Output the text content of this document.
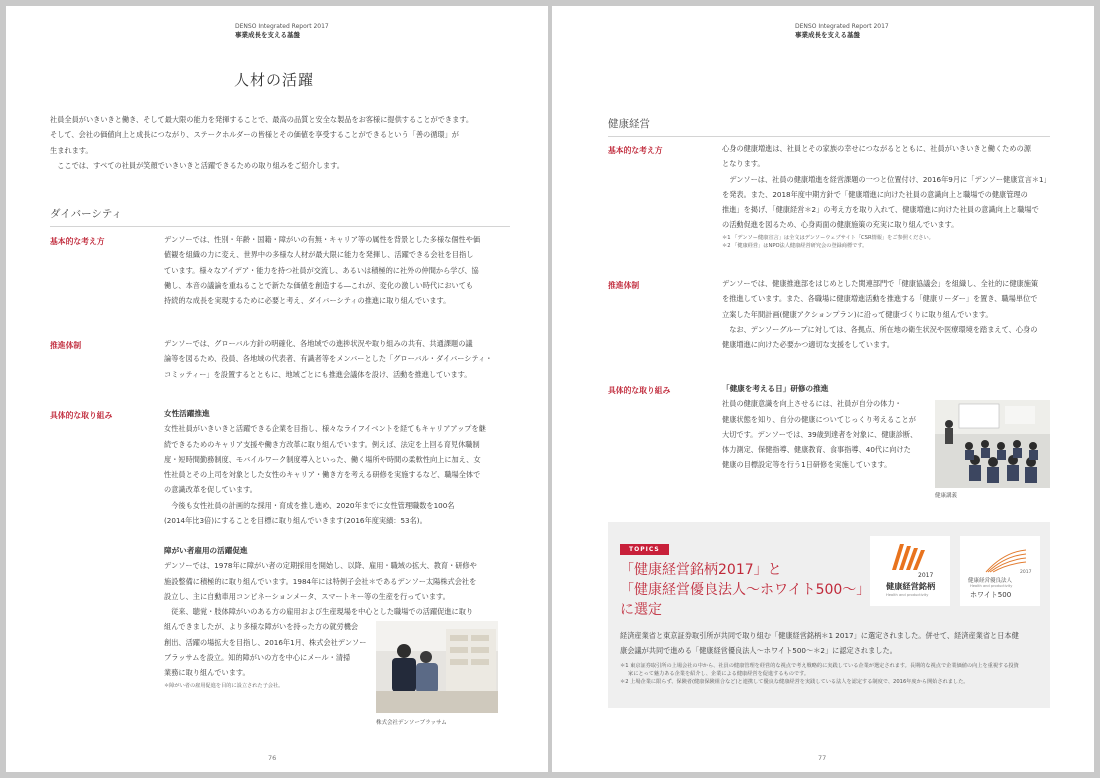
DENSO Integrated Report 2017
事業成長を支える基盤
人材の活躍

社員全員がいきいきと働き、そして最大限の能力を発揮することで、最高の品質と安全な製品をお客様に提供することができます。

そして、会社の価値向上と成長につながり、ステークホルダーの皆様とその価値を享受することができるという「善の循環」が

生まれます。

ここでは、すべての社員が笑顔でいきいきと活躍できるための取り組みをご紹介します。

ダイバーシティ
基本的な考え方	デンソーでは、性別・年齢・国籍・障がいの有無・キャリア等の属性を背景とした多様な個性や価

値観を組織の力に変え、世界中の多様な人材が最大限に能力を発揮し、活躍できる会社を目指し

ています。様々なアイデア・能力を持つ社員が交流し、あるいは積極的に社外の仲間から学び、協

働し、本音の議論を重ねることで新たな価値を創造する―これが、変化の激しい時代においても

持続的な成長を実現するために必要と考え、ダイバーシティの推進に取り組んでいます。

推進体制	デンソーでは、グローバル方針の明確化、各地域での進捗状況や取り組みの共有、共通課題の議

論等を図るため、役員、各地域の代表者、有識者等をメンバーとした「グローバル・ダイバーシティ・

コミッティー」を設置するとともに、地域ごとにも推進会議体を設け、活動を推進しています。

具体的な取り組み	女性活躍推進

女性社員がいきいきと活躍できる企業を目指し、様々なライフイベントを経てもキャリアアップを継

続できるためのキャリア支援や働き方改革に取り組んでいます。例えば、法定を上回る育児休職制

度・短時間勤務制度、モバイルワーク制度導入といった、働く場所や時間の柔軟性向上に加え、女

性社員とその上司を対象とした女性のキャリア・働き方を考える研修を実施するなど、職場全体で

の意識改革を促しています。

今後も女性社員の計画的な採用・育成を推し進め、2020年までに女性管理職数を100名

(2014年比3倍)にすることを目標に取り組んでいきます(2016年度実績：53名)。

障がい者雇用の活躍促進

デンソーでは、1978年に障がい者の定期採用を開始し、以降、雇用・職域の拡大、教育・研修や

施設整備に積極的に取り組んでいます。1984年には特例子会社＊であるデンソー太陽株式会社を

設立し、主に自動車用コンピネーションメータ、スマートキー等の生産を行っています。

従来、聴覚・肢体障がいのある方の雇用および生産現場を中心とした職場での活躍促進に取り

組んできましたが、より多様な障がいを持った方の就労機会

創出、活躍の場拡大を目指し、2016年1月、株式会社デンソー

ブラッサムを設立。知的障がいの方を中心にメール・清掃

業務に取り組んでいます。

＊障がい者の雇用促進を目的に設立された子会社。
株式会社デンソーブラッサム
76
DENSO Integrated Report 2017
事業成長を支える基盤
健康経営
基本的な考え方	心身の健康増進は、社員とその家族の幸せにつながるとともに、社員がいきいきと働くための源

となります。

デンソーは、社員の健康増進を経営課題の一つと位置付け、2016年9月に「デンソー健康宣言＊1」

を発表。また、2018年度中期方針で「健康増進に向けた社員の意識向上と職場での健康管理の

推進」を掲げ、「健康経営＊2」の考え方を取り入れて、健康増進に向けた社員の意識向上と職場で

の活動促進を図るため、心身両面の健康施策の充実に取り組んでいます。

＊1 「デンソー健康宣言」は全文はデンソーウェブサイト「CSR情報」をご参照ください。

＊2 「健康経営」はNPO法人健康経営研究会の登録商標です。

推進体制	デンソーでは、健康推進部をはじめとした関連部門で「健康協議会」を組織し、全社的に健康施策

を推進しています。また、各職場に健康増進活動を推進する「健康リーダー」を置き、職場単位で

立案した年間計画(健康アクションプラン)に沿って健康づくりに取り組んでいます。

なお、デンソーグループに対しては、各拠点、所在地の衛生状況や医療環境を踏まえて、心身の

健康増進に向けた必要かつ適切な支援をしています。

具体的な取り組み	「健康を考える日」研修の推進

社員の健康意識を向上させるには、社員が自分の体力・

健康状態を知り、自分の健康についてじっくり考えることが

大切です。デンソーでは、39歳到達者を対象に、健康診断、

体力測定、保健指導、健康教育、食事指導、40代に向けた

健康の目標設定等を行う1日研修を実施しています。

健康講義
TOPICS

「健康経営銘柄2017」と

「健康経営優良法人～ホワイト500～」

に選定

2017
健康経営銘柄
Health and productivity
健康経営優良法人
2017
Health and productivity
ホワイト500

経済産業省と東京証券取引所が共同で取り組む「健康経営銘柄＊1 2017」に選定されました。併せて、経済産業省と日本健

康会議が共同で進める「健康経営優良法人～ホワイト500～＊2」に認定されました。

＊1 東京証券取引所の上場会社の中から、社員の健康管理を経営的な視点で考え戦略的に実践している企業が選定されます。長期的な視点で企業価値の向上を重視する投資

家にとって魅力ある企業を紹介し、企業による健康経営を促進するものです。

＊2 上場企業に限らず、保険者(健康保険組合など)と連携して優良な健康経営を実践している法人を認定する制度で、2016年度から開始されました。

77
